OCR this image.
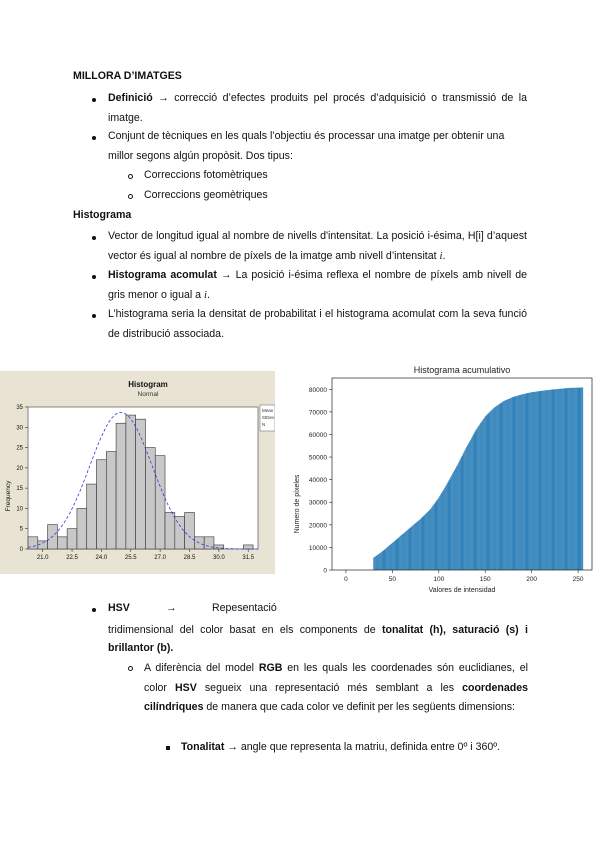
MILLORA D’IMATGES
Definició → correcció d’efectes produits pel procés d’adquisició o transmissió de la imatge.
Conjunt de tècniques en les quals l’objectiu és processar una imatge per obtenir una millor segons algún propòsit. Dos tipus:
Correccions fotomètriques
Correccions geomètriques
Histograma
Vector de longitud igual al nombre de nivells d'intensitat. La posició i-ésima, H[i] d’aquest vector és igual al nombre de píxels de la imatge amb nivell d’intensitat i.
Histograma acomulat → La posició i-ésima reflexa el nombre de píxels amb nivell de gris menor o igual a i.
L’histograma seria la densitat de probabilitat i el histograma acomulat com la seva funció de distribució associada.
Histogram
Normal
Frequency
0
5
10
15
20
25
30
35
21.0	22.5	24.0	25.5	27.0	28.5	30.0	31.5
Mean
StDev
N
Histograma acumulativo
Valores de intensidad
Numero de píxeles
0
10000
20000
30000
40000
50000
60000
70000
80000
0	50	100	150	200	250
HSV	→	Repesentació
tridimensional del color basat en els components de tonalitat (h), saturació (s) i
brillantor (b).
A diferència del model RGB en les quals les coordenades són euclidianes, el color HSV segueix una representació més semblant a les coordenades cilíndriques de manera que cada color ve definit per les següents dimensions:
Tonalitat → angle que representa la matriu, definida entre 0º i 360º.
